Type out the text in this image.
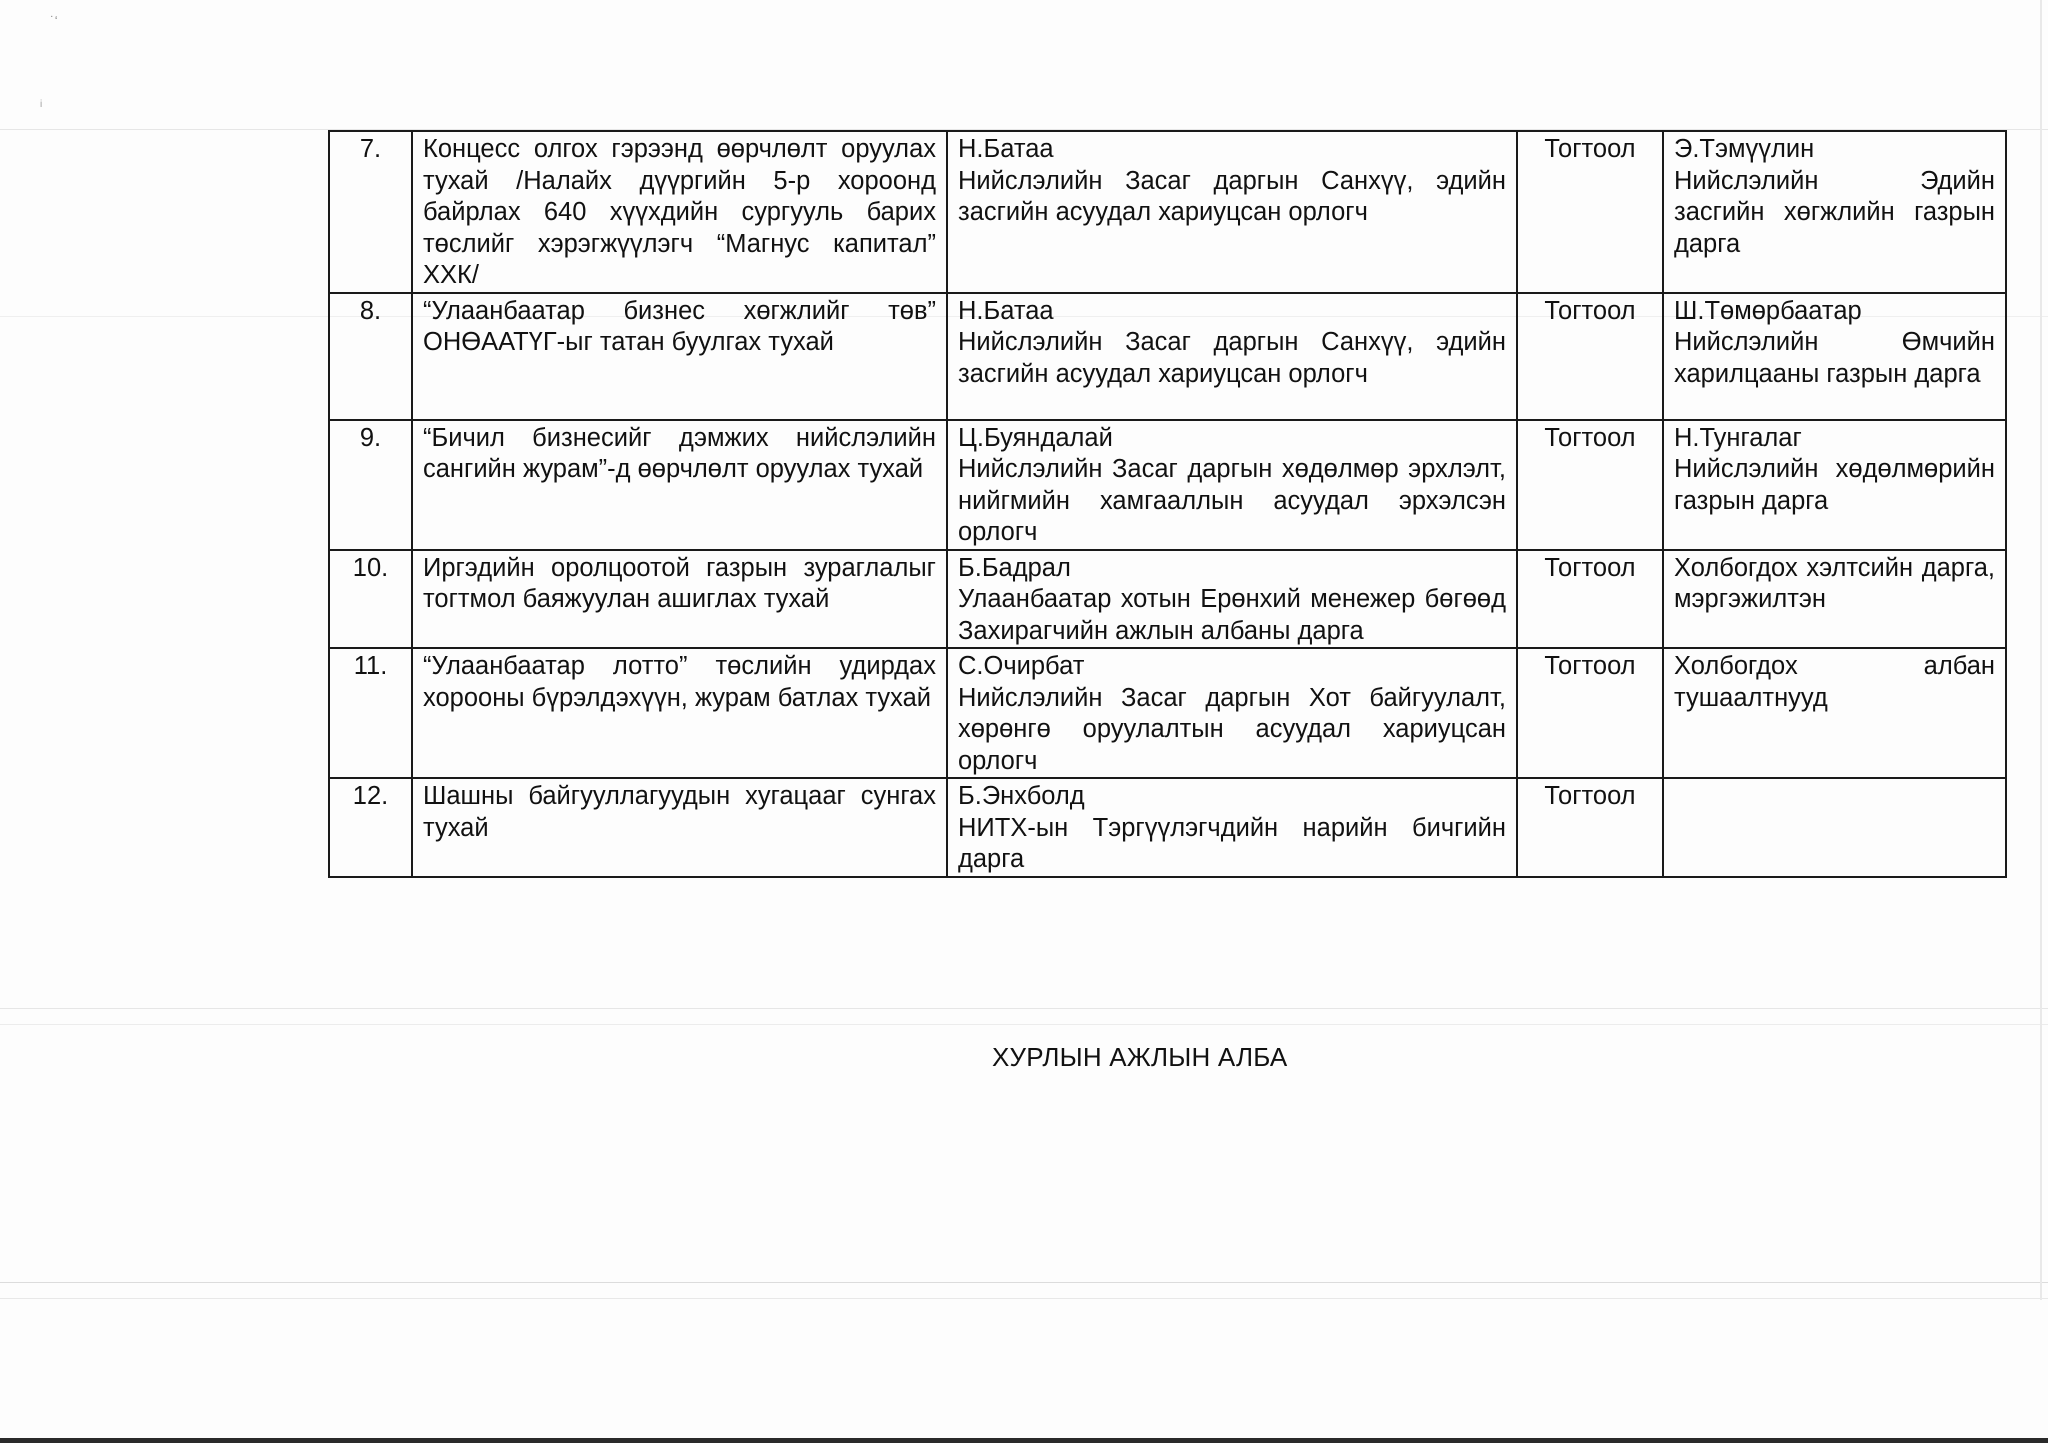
˙ʻ
ᵢ
7.	Концесс олгох гэрээнд өөрчлөлт оруулах тухай /Налайх дүүргийн 5-р хороонд байрлах 640 хүүхдийн сургууль барих төслийг хэрэгжүүлэгч “Магнус капитал” ХХК/	Н.Батаа
Нийслэлийн Засаг даргын Санхүү, эдийн засгийн асуудал хариуцсан орлогч	Тогтоол	Э.Тэмүүлин
Нийслэлийн Эдийн засгийн хөгжлийн газрын дарга

8.	“Улаанбаатар бизнес хөгжлийг төв” ОНӨААТҮГ-ыг татан буулгах тухай	Н.Батаа
Нийслэлийн Засаг даргын Санхүү, эдийн засгийн асуудал хариуцсан орлогч	Тогтоол	Ш.Төмөрбаатар
Нийслэлийн Өмчийн харилцааны газрын дарга

9.	“Бичил бизнесийг дэмжих нийслэлийн сангийн журам”-д өөрчлөлт оруулах тухай	Ц.Буяндалай
Нийслэлийн Засаг даргын хөдөлмөр эрхлэлт, нийгмийн хамгааллын асуудал эрхэлсэн орлогч	Тогтоол	Н.Тунгалаг
Нийслэлийн хөдөлмөрийн газрын дарга

10.	Иргэдийн оролцоотой газрын зураглалыг тогтмол баяжуулан ашиглах тухай	Б.Бадрал
Улаанбаатар хотын Ерөнхий менежер бөгөөд Захирагчийн ажлын албаны дарга	Тогтоол	Холбогдох хэлтсийн дарга, мэргэжилтэн

11.	“Улаанбаатар лотто” төслийн удирдах хорооны бүрэлдэхүүн, журам батлах тухай	С.Очирбат
Нийслэлийн Засаг даргын Хот байгуулалт, хөрөнгө оруулалтын асуудал хариуцсан орлогч	Тогтоол	Холбогдох албан тушаалтнууд

12.	Шашны байгууллагуудын хугацааг сунгах тухай	Б.Энхболд
НИТХ-ын Тэргүүлэгчдийн нарийн бичгийн дарга	Тогтоол	
ХУРЛЫН АЖЛЫН АЛБА
